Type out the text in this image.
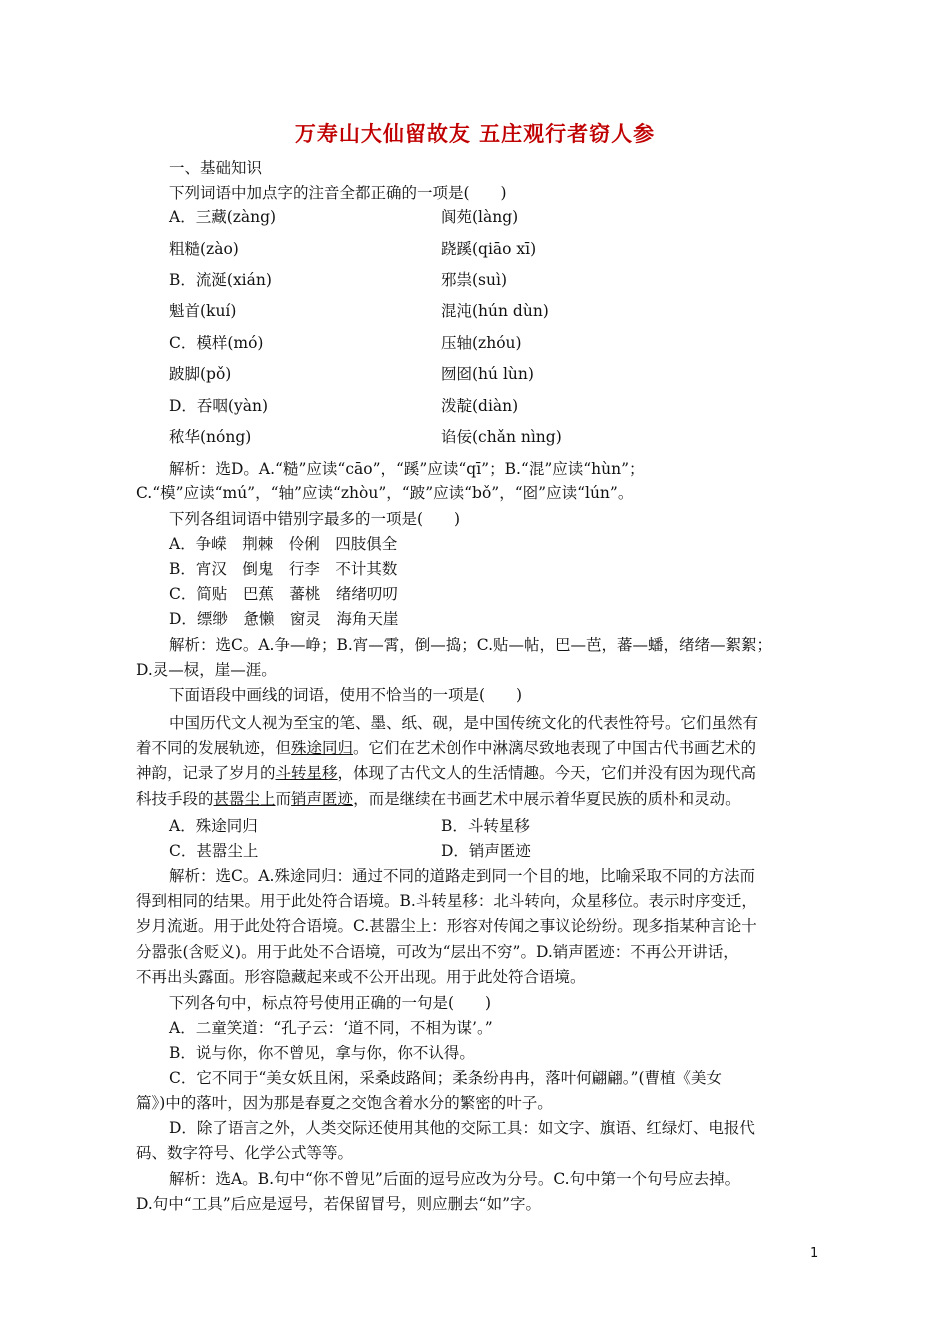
万寿山大仙留故友 五庄观行者窃人参
一、基础知识
下列词语中加点字的注音全都正确的一项是(　　)
A．三藏(zàng)	阆苑(làng)
粗糙(zào)	跷蹊(qiāo xī)
B．流涎(xián)	邪祟(suì)
魁首(kuí)	混沌(hún dùn)
C．模样(mó)	压轴(zhóu)
跛脚(pǒ)	囫囵(hú lùn)
D．吞咽(yàn)	泼靛(diàn)
秾华(nóng)	谄佞(chǎn nìng)
解析：选D。A.“糙”应读“cāo”，“蹊”应读“qī”；B.“混”应读“hùn”；
C.“模”应读“mú”，“轴”应读“zhòu”，“跛”应读“bǒ”，“囵”应读“lún”。
下列各组词语中错别字最多的一项是(　　)
A．争嵘　荆棘　伶俐　四肢俱全
B．宵汉　倒鬼　行李　不计其数
C．简贴　巴蕉　蕃桃　绪绪叨叨
D．缥缈　惫懒　窗灵　海角天崖
解析：选C。A.争—峥；B.宵—霄，倒—捣；C.贴—帖，巴—芭，蕃—蟠，绪绪—絮絮；
D.灵—棂，崖—涯。
下面语段中画线的词语，使用不恰当的一项是(　　)
中国历代文人视为至宝的笔、墨、纸、砚，是中国传统文化的代表性符号。它们虽然有
着不同的发展轨迹，但殊途同归。它们在艺术创作中淋漓尽致地表现了中国古代书画艺术的
神韵，记录了岁月的斗转星移，体现了古代文人的生活情趣。今天，它们并没有因为现代高
科技手段的甚嚣尘上而销声匿迹，而是继续在书画艺术中展示着华夏民族的质朴和灵动。
A．殊途同归	B．斗转星移
C．甚嚣尘上	D．销声匿迹
解析：选C。A.殊途同归：通过不同的道路走到同一个目的地，比喻采取不同的方法而
得到相同的结果。用于此处符合语境。B.斗转星移：北斗转向，众星移位。表示时序变迁，
岁月流逝。用于此处符合语境。C.甚嚣尘上：形容对传闻之事议论纷纷。现多指某种言论十
分嚣张(含贬义)。用于此处不合语境，可改为“层出不穷”。D.销声匿迹：不再公开讲话，
不再出头露面。形容隐藏起来或不公开出现。用于此处符合语境。
下列各句中，标点符号使用正确的一句是(　　)
A．二童笑道：“孔子云：‘道不同，不相为谋’。”
B．说与你，你不曾见，拿与你，你不认得。
C．它不同于“美女妖且闲，采桑歧路间；柔条纷冉冉，落叶何翩翩。”(曹植《美女
篇》)中的落叶，因为那是春夏之交饱含着水分的繁密的叶子。
D．除了语言之外，人类交际还使用其他的交际工具：如文字、旗语、红绿灯、电报代
码、数字符号、化学公式等等。
解析：选A。B.句中“你不曾见”后面的逗号应改为分号。C.句中第一个句号应去掉。
D.句中“工具”后应是逗号，若保留冒号，则应删去“如”字。
1
